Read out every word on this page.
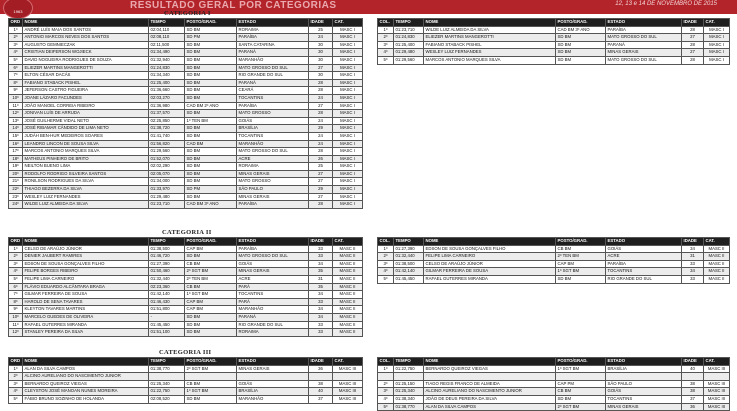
1963
RESULTADO GERAL POR CATEGORIAS	12, 13 e 14 DE NOVEMBRO DE 2015
CATEGORIA I
CATEGORIA II
CATEGORIA III
ORD	NOME	TEMPO	POSTO/GRAD.	ESTADO	IDADE	CAT.
1º	ANDRÉ LUÍS MAIA DOS SANTOS	02:04,110	SD BM	RORAIMA	25	MASC I
2º	ANTONIO MARCOS NEVES DOS SANTOS	02:08,110	SD PM	PARAÍBA	24	MASC I
3º	AUGUSTO GEMNIECZAK	02:11,500	SD BM	SANTA CATARINA	30	MASC I
4º	CRISTIAN DEIFERSON WOJIECK	01:34,490	SD BM	PARANÁ	30	MASC I
5º	DAVID NOGUEIRA RODRIGUES DE SOUZA	01:32,940	SD BM	MARANHÃO	30	MASC I
6º	ELIEZER MARTINS MANGEROTTI	01:24,830	SD BM	MATO GROSSO DO SUL	27	MASC I
7º	ELTON CÉSAR DACÁS	01:34,340	SD BM	RIO GRANDE DO SUL	30	MASC I
8º	FABIANO STABACK PISHEL	01:25,400	SD BM	PARANÁ	28	MASC I
9º	JEFERSON CASTRO FIGUEIRA	01:36,660	SD BM	CEARÁ	28	MASC I
10º	JOANE LÁZARO FACUNDES	02:03,270	SD BM	TOCANTINS	24	MASC I
11º	JOÃO MANOEL CORREIA RIBEIRO	01:36,980	CAD BM 2º ANO	PARAÍBA	27	MASC I
12º	JONIVAN LUÍS DE ARRUDA	01:37,570	SD BM	MATO GROSSO	28	MASC I
13º	JOSÉ GUILHERME VIDAL NETO	02:25,850	1º TEN BM	GOIÁS	24	MASC I
14º	JOSÉ RIBAMAR CÂNDIDO DE LIMA NETO	01:38,720	SD BM	BRASÍLIA	29	MASC I
15º	JUDÁH BEN-HUR MEDEIROS SOARES	01:41,740	SD BM	TOCANTINS	24	MASC I
16º	LEANDRO LINCON DE SOUSA SILVA	01:56,820	CAD BM	MARANHÃO	24	MASC I
17º	MARCOS ANTONIO MARQUES SILVA	01:29,560	SD BM	MATO GROSSO DO SUL	28	MASC I
18º	MATHEUS PINHEIRO DE BRITO	01:52,070	SD BM	ACRE	26	MASC I
19º	NEILTON BUENO LIMA	02:02,290	SD BM	RORAIMA	25	MASC I
20º	RODOLFO RODRIGO SILVEIRA SANTOS	02:05,070	SD BM	MINAS GERAIS	27	MASC I
21º	RONILSON RODRIGUES DA SILVA	01:34,000	SD BM	MATO GROSSO	27	MASC I
22º	THIAGO BEZERRA DA SILVA	01:33,970	SD PM	SÃO PAULO	29	MASC I
23º	WESLEY LUIZ FERNANDES	01:29,480	SD BM	MINAS GERAIS	27	MASC I
24º	WILDE LUIZ ALMEIDA DA SILVA	01:23,710	CAD BM 3º ANO	PARAÍBA	28	MASC I
COL.	TEMPO	NOME	POSTO/GRAD.	ESTADO	IDADE	CAT.
1º	01:23,710	WILDE LUIZ ALMEIDA DA SILVA	CAD BM 3º ANO	PARAÍBA	28	MASC I
2º	01:24,830	ELIEZER MARTINS MANGEROTTI	SD BM	MATO GROSSO DO SUL	27	MASC I
3º	01:25,400	FABIANO STABACK PISHEL	SD BM	PARANÁ	28	MASC I
4º	01:29,480	WESLEY LUIZ FERNANDES	SD BM	MINAS GERAIS	27	MASC I
5º	01:29,560	MARCOS ANTONIO MARQUES SILVA	SD BM	MATO GROSSO DO SUL	28	MASC I
ORD	NOME	TEMPO	POSTO/GRAD.	ESTADO	IDADE	CAT.
1º	CELSO DE ARAÚJO JÚNIOR	01:38,500	CAP BM	PARAÍBA	33	MASC II
2º	DENIER JAUBERT RAMIRES	01:46,720	SD BM	MATO GROSSO DO SUL	33	MASC II
3º	EDSON DE SOUSA GONÇALVES FILHO	01:27,390	CB BM	GOIÁS	34	MASC II
4º	FELIPE BORGES RIBEIRO	01:50,460	2º SGT BM	MINAS GERAIS	35	MASC II
5º	FELIPE LIMA CARNEIRO	01:32,440	2º TEN BM	ACRE	31	MASC II
6º	FLÁVIO EDUARDO ALCÂNTARA BRAGA	02:23,360	CB BM	PARÁ	35	MASC II
7º	GILMAR FERREIRA DE SOUSA	01:42,140	1º SGT BM	TOCANTINS	34	MASC II
8º	HAROLD DE SENA TAVARES	01:46,430	CAP BM	PARÁ	33	MASC II
9º	KLEYTON TAVARES MARTINS	01:51,800	CAP BM	MARANHÃO	34	MASC II
10º	MARCELO GUEDES DE OLIVEIRA	-	SD BM	PARANÁ	34	MASC II
11º	RAFAEL GUTERRES MIRANDA	01:45,450	SD BM	RIO GRANDE DO SUL	33	MASC II
12º	STANLEY PEREIRA DA SILVA	01:51,100	SD BM	RORAIMA	33	MASC II
COL.	TEMPO	NOME	POSTO/GRAD.	ESTADO	IDADE	CAT.
1º	01:27,390	EDSON DE SOUSA GONÇALVES FILHO	CB BM	GOIÁS	34	MASC II
2º	01:32,440	FELIPE LIMA CARNEIRO	2º TEN BM	ACRE	31	MASC II
3º	01:38,500	CELSO DE ARAÚJO JÚNIOR	CAP BM	PARAÍBA	33	MASC II
4º	01:42,140	GILMAR FERREIRA DE SOUSA	1º SGT BM	TOCANTINS	34	MASC II
5º	01:45,450	RAFAEL GUTERRES MIRANDA	SD BM	RIO GRANDE DO SUL	33	MASC II
ORD	NOME	TEMPO	POSTO/GRAD.	ESTADO	IDADE	CAT.
1º	ALAN DA SILVA CAMPOS	01:38,770	2º SGT BM	MINAS GERAIS	36	MASC III
2º	ALCINO AURELIANO DO NASCIMENTO JUNIOR					
3º	BERNARDO QUEIROZ VIEGAS	01:25,340	CB BM	GOIÁS	38	MASC III
4º	CLEYSTON JOSÉ MANOAN NUNES MOREIRA	01:22,750	1º SGT BM	BRASÍLIA	40	MASC III
5º	FÁBIO BRUNO SOZINHO DE HOLANDA	02:08,520	SD BM	MARANHÃO	37	MASC III
COL.	TEMPO	NOME	POSTO/GRAD.	ESTADO	IDADE	CAT.
1º	01:22,750	BERNARDO QUEIROZ VIEGAS	1º SGT BM	BRASÍLIA	40	MASC III

2º	01:25,150	TIAGO REGIS FRANCO DE ALMEIDA	CAP PM	SÃO PAULO	38	MASC III
3º	01:25,340	ALCINO AURELIANO DO NASCIMENTO JUNIOR	CB BM	GOIÁS	38	MASC III
4º	01:38,340	JOÃO DE DEUS PEREIRA DA SILVA	SD BM	TOCANTINS	37	MASC III
5º	01:38,770	ALAN DA SILVA CAMPOS	2º SGT BM	MINAS GERAIS	36	MASC III
